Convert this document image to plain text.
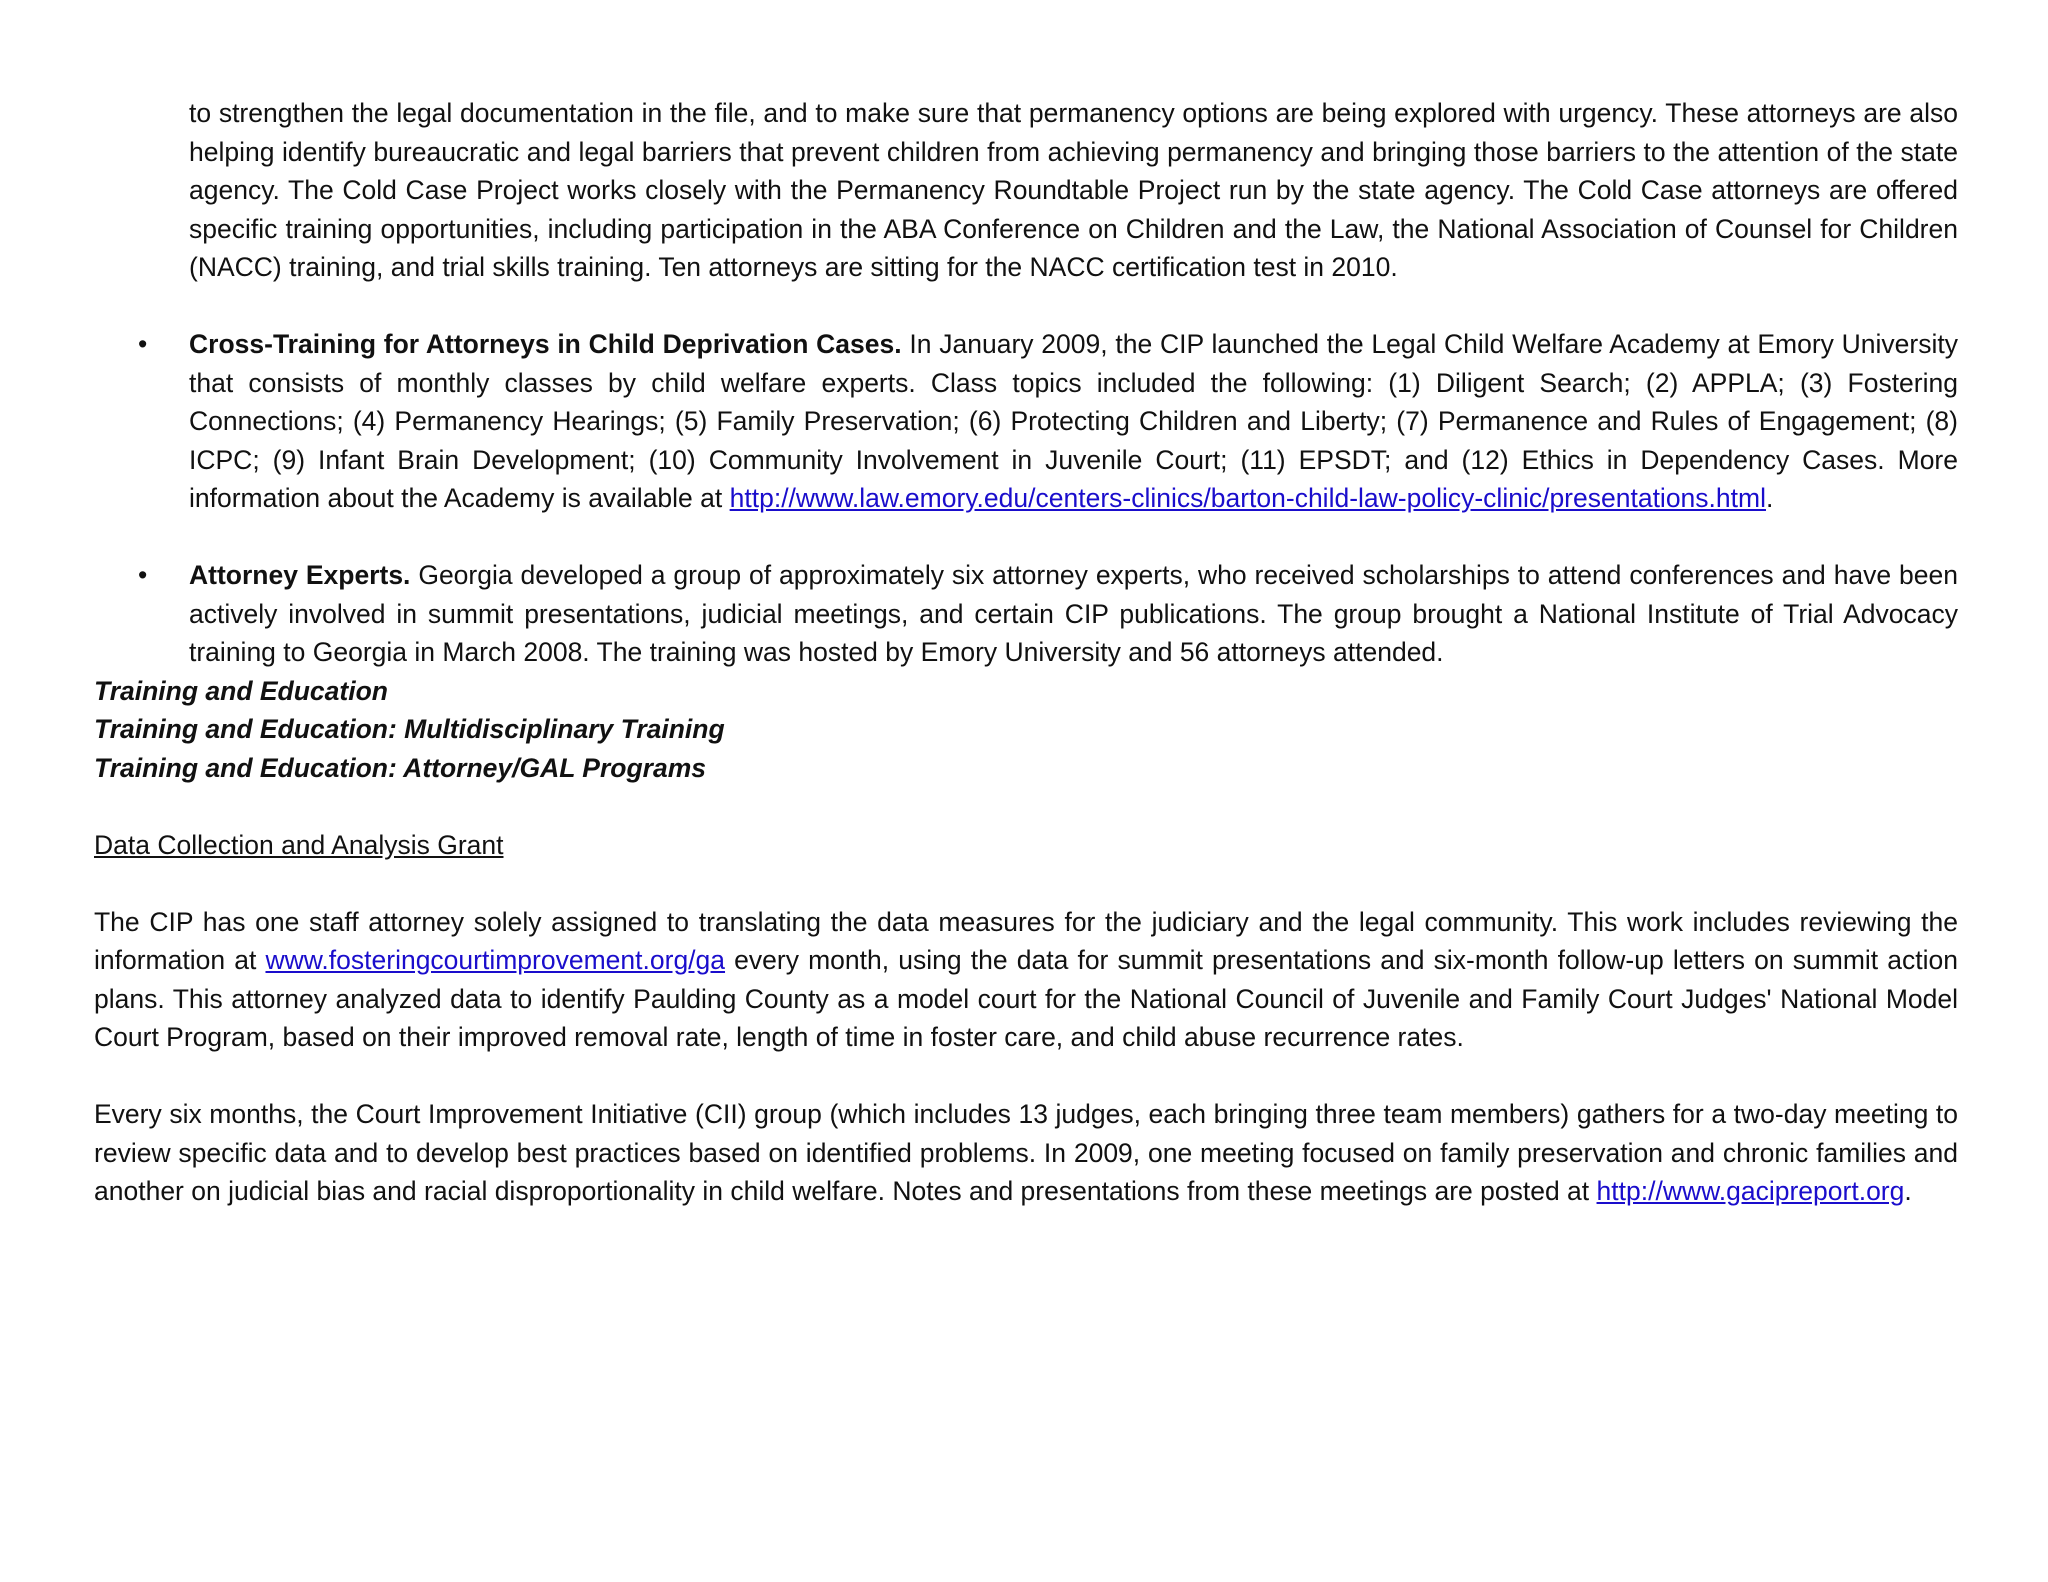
to strengthen the legal documentation in the file, and to make sure that permanency options are being explored with urgency. These attorneys are also helping identify bureaucratic and legal barriers that prevent children from achieving permanency and bringing those barriers to the attention of the state agency. The Cold Case Project works closely with the Permanency Roundtable Project run by the state agency. The Cold Case attorneys are offered specific training opportunities, including participation in the ABA Conference on Children and the Law, the National Association of Counsel for Children (NACC) training, and trial skills training. Ten attorneys are sitting for the NACC certification test in 2010.

• Cross-Training for Attorneys in Child Deprivation Cases. In January 2009, the CIP launched the Legal Child Welfare Academy at Emory University that consists of monthly classes by child welfare experts. Class topics included the following: (1) Diligent Search; (2) APPLA; (3) Fostering Connections; (4) Permanency Hearings; (5) Family Preservation; (6) Protecting Children and Liberty; (7) Permanence and Rules of Engagement; (8) ICPC; (9) Infant Brain Development; (10) Community Involvement in Juvenile Court; (11) EPSDT; and (12) Ethics in Dependency Cases. More information about the Academy is available at http://www.law.emory.edu/centers-clinics/barton-child-law-policy-clinic/presentations.html.

• Attorney Experts. Georgia developed a group of approximately six attorney experts, who received scholarships to attend conferences and have been actively involved in summit presentations, judicial meetings, and certain CIP publications. The group brought a National Institute of Trial Advocacy training to Georgia in March 2008. The training was hosted by Emory University and 56 attorneys attended.

Training and Education

Training and Education: Multidisciplinary Training

Training and Education: Attorney/GAL Programs

Data Collection and Analysis Grant

The CIP has one staff attorney solely assigned to translating the data measures for the judiciary and the legal community. This work includes reviewing the information at www.fosteringcourtimprovement.org/ga every month, using the data for summit presentations and six-month follow-up letters on summit action plans. This attorney analyzed data to identify Paulding County as a model court for the National Council of Juvenile and Family Court Judges' National Model Court Program, based on their improved removal rate, length of time in foster care, and child abuse recurrence rates.

Every six months, the Court Improvement Initiative (CII) group (which includes 13 judges, each bringing three team members) gathers for a two-day meeting to review specific data and to develop best practices based on identified problems. In 2009, one meeting focused on family preservation and chronic families and another on judicial bias and racial disproportionality in child welfare. Notes and presentations from these meetings are posted at http://www.gacipreport.org.
